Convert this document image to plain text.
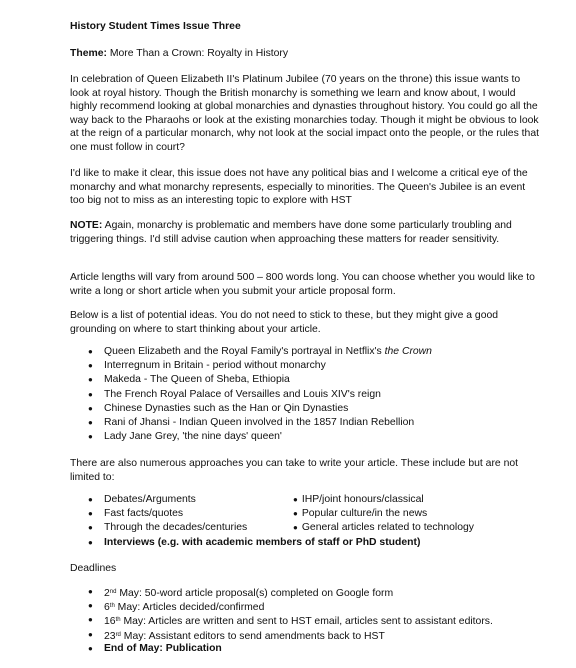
History Student Times Issue Three

Theme: More Than a Crown: Royalty in History

In celebration of Queen Elizabeth II's Platinum Jubilee (70 years on the throne) this issue wants to look at royal history. Though the British monarchy is something we learn and know about, I would highly recommend looking at global monarchies and dynasties throughout history. You could go all the way back to the Pharaohs or look at the existing monarchies today. Though it might be obvious to look at the reign of a particular monarch, why not look at the social impact onto the people, or the rules that one must follow in court?

I'd like to make it clear, this issue does not have any political bias and I welcome a critical eye of the monarchy and what monarchy represents, especially to minorities. The Queen's Jubilee is an event too big not to miss as an interesting topic to explore with HST

NOTE: Again, monarchy is problematic and members have done some particularly troubling and triggering things. I'd still advise caution when approaching these matters for reader sensitivity.

Article lengths will vary from around 500 – 800 words long. You can choose whether you would like to write a long or short article when you submit your article proposal form.

Below is a list of potential ideas. You do not need to stick to these, but they might give a good grounding on where to start thinking about your article.

● Queen Elizabeth and the Royal Family's portrayal in Netflix's the Crown
● Interregnum in Britain - period without monarchy
● Makeda - The Queen of Sheba, Ethiopia
● The French Royal Palace of Versailles and Louis XIV's reign
● Chinese Dynasties such as the Han or Qin Dynasties
● Rani of Jhansi - Indian Queen involved in the 1857 Indian Rebellion
● Lady Jane Grey, 'the nine days' queen'

There are also numerous approaches you can take to write your article. These include but are not limited to:

● Debates/Arguments	● IHP/joint honours/classical
● Fast facts/quotes	● Popular culture/in the news
● Through the decades/centuries	● General articles related to technology
● Interviews (e.g. with academic members of staff or PhD student)

Deadlines

● 2nd May: 50-word article proposal(s) completed on Google form
● 6th May: Articles decided/confirmed
● 16th May: Articles are written and sent to HST email, articles sent to assistant editors.
● 23rd May: Assistant editors to send amendments back to HST
● End of May: Publication
